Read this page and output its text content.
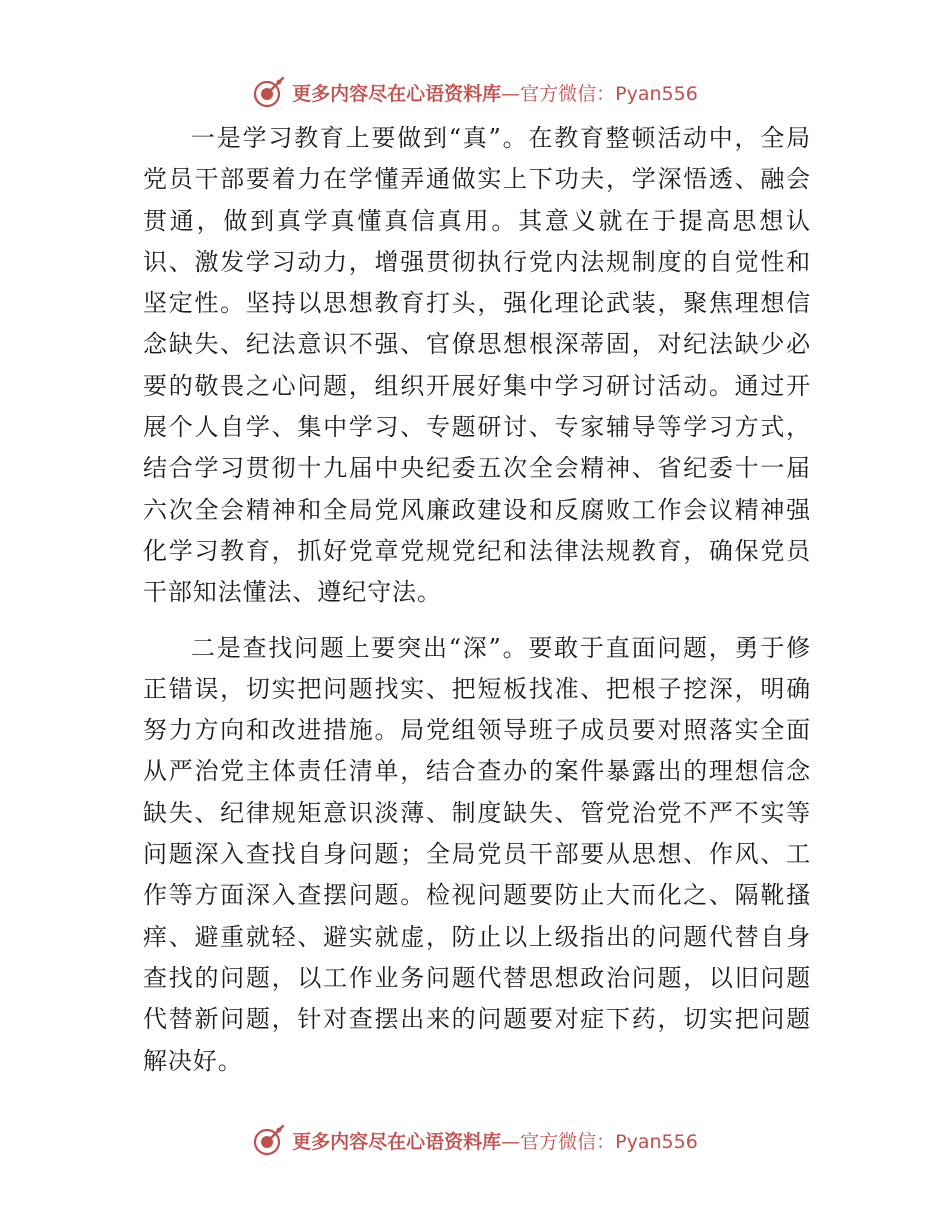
更多内容尽在心语资料库 —官方微信：Pyan556

一是学习教育上要做到“真”。在教育整顿活动中，全局党员干部要着力在学懂弄通做实上下功夫，学深悟透、融会贯通，做到真学真懂真信真用。其意义就在于提高思想认识、激发学习动力，增强贯彻执行党内法规制度的自觉性和坚定性。坚持以思想教育打头，强化理论武装，聚焦理想信念缺失、纪法意识不强、官僚思想根深蒂固，对纪法缺少必要的敬畏之心问题，组织开展好集中学习研讨活动。通过开展个人自学、集中学习、专题研讨、专家辅导等学习方式，结合学习贯彻十九届中央纪委五次全会精神、省纪委十一届六次全会精神和全局党风廉政建设和反腐败工作会议精神强化学习教育，抓好党章党规党纪和法律法规教育，确保党员干部知法懂法、遵纪守法。

二是查找问题上要突出“深”。要敢于直面问题，勇于修正错误，切实把问题找实、把短板找准、把根子挖深，明确努力方向和改进措施。局党组领导班子成员要对照落实全面从严治党主体责任清单，结合查办的案件暴露出的理想信念缺失、纪律规矩意识淡薄、制度缺失、管党治党不严不实等问题深入查找自身问题；全局党员干部要从思想、作风、工作等方面深入查摆问题。检视问题要防止大而化之、隔靴搔痒、避重就轻、避实就虚，防止以上级指出的问题代替自身查找的问题，以工作业务问题代替思想政治问题，以旧问题代替新问题，针对查摆出来的问题要对症下药，切实把问题解决好。

更多内容尽在心语资料库 —官方微信：Pyan556
